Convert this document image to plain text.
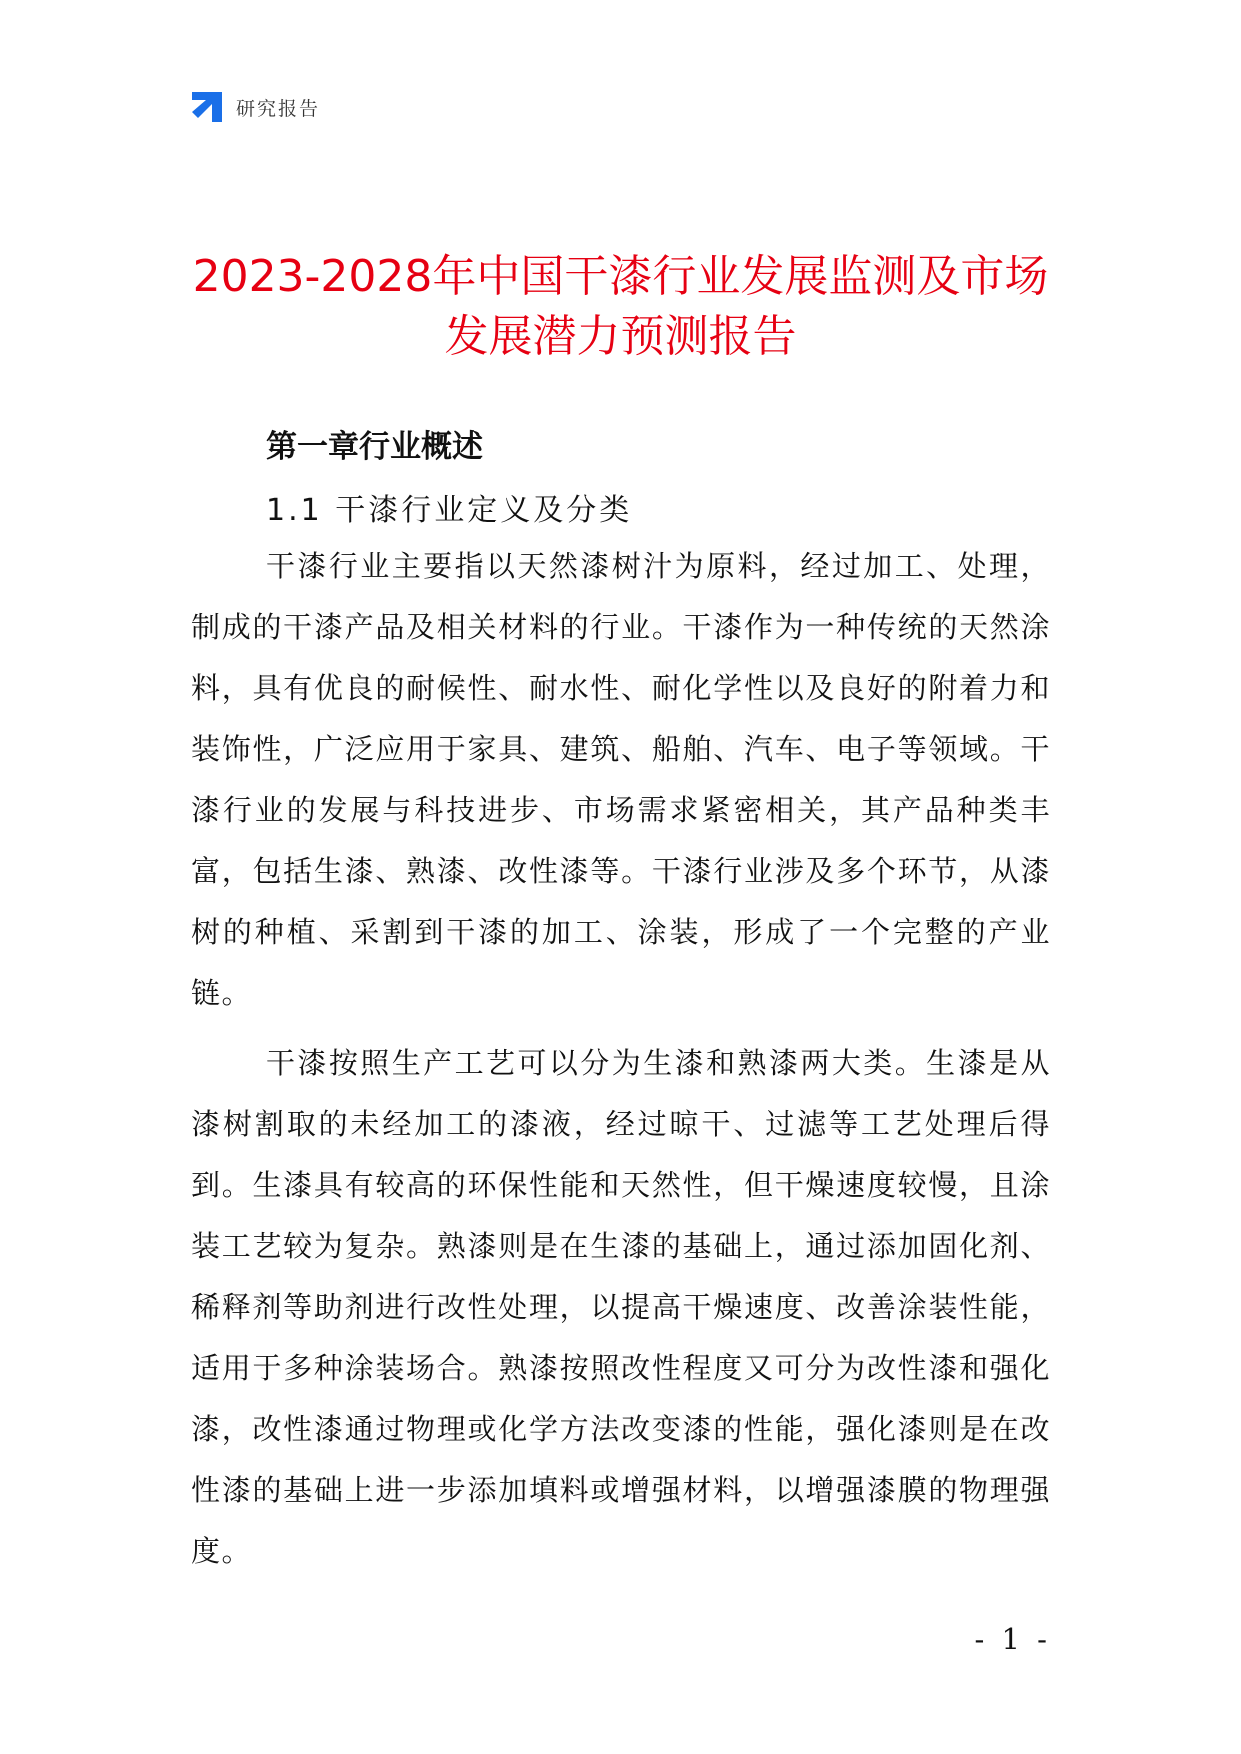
研究报告
2023-2028年中国干漆行业发展监测及市场
发展潜力预测报告
第一章行业概述
1.1 干漆行业定义及分类

干漆行业主要指以天然漆树汁为原料，经过加工、处理，制成的干漆产品及相关材料的行业。干漆作为一种传统的天然涂料，具有优良的耐候性、耐水性、耐化学性以及良好的附着力和装饰性，广泛应用于家具、建筑、船舶、汽车、电子等领域。干漆行业的发展与科技进步、市场需求紧密相关，其产品种类丰富，包括生漆、熟漆、改性漆等。干漆行业涉及多个环节，从漆树的种植、采割到干漆的加工、涂装，形成了一个完整的产业链。

干漆按照生产工艺可以分为生漆和熟漆两大类。生漆是从漆树割取的未经加工的漆液，经过晾干、过滤等工艺处理后得到。生漆具有较高的环保性能和天然性，但干燥速度较慢，且涂装工艺较为复杂。熟漆则是在生漆的基础上，通过添加固化剂、稀释剂等助剂进行改性处理，以提高干燥速度、改善涂装性能，适用于多种涂装场合。熟漆按照改性程度又可分为改性漆和强化漆，改性漆通过物理或化学方法改变漆的性能，强化漆则是在改性漆的基础上进一步添加填料或增强材料，以增强漆膜的物理强度。

- 1 -
